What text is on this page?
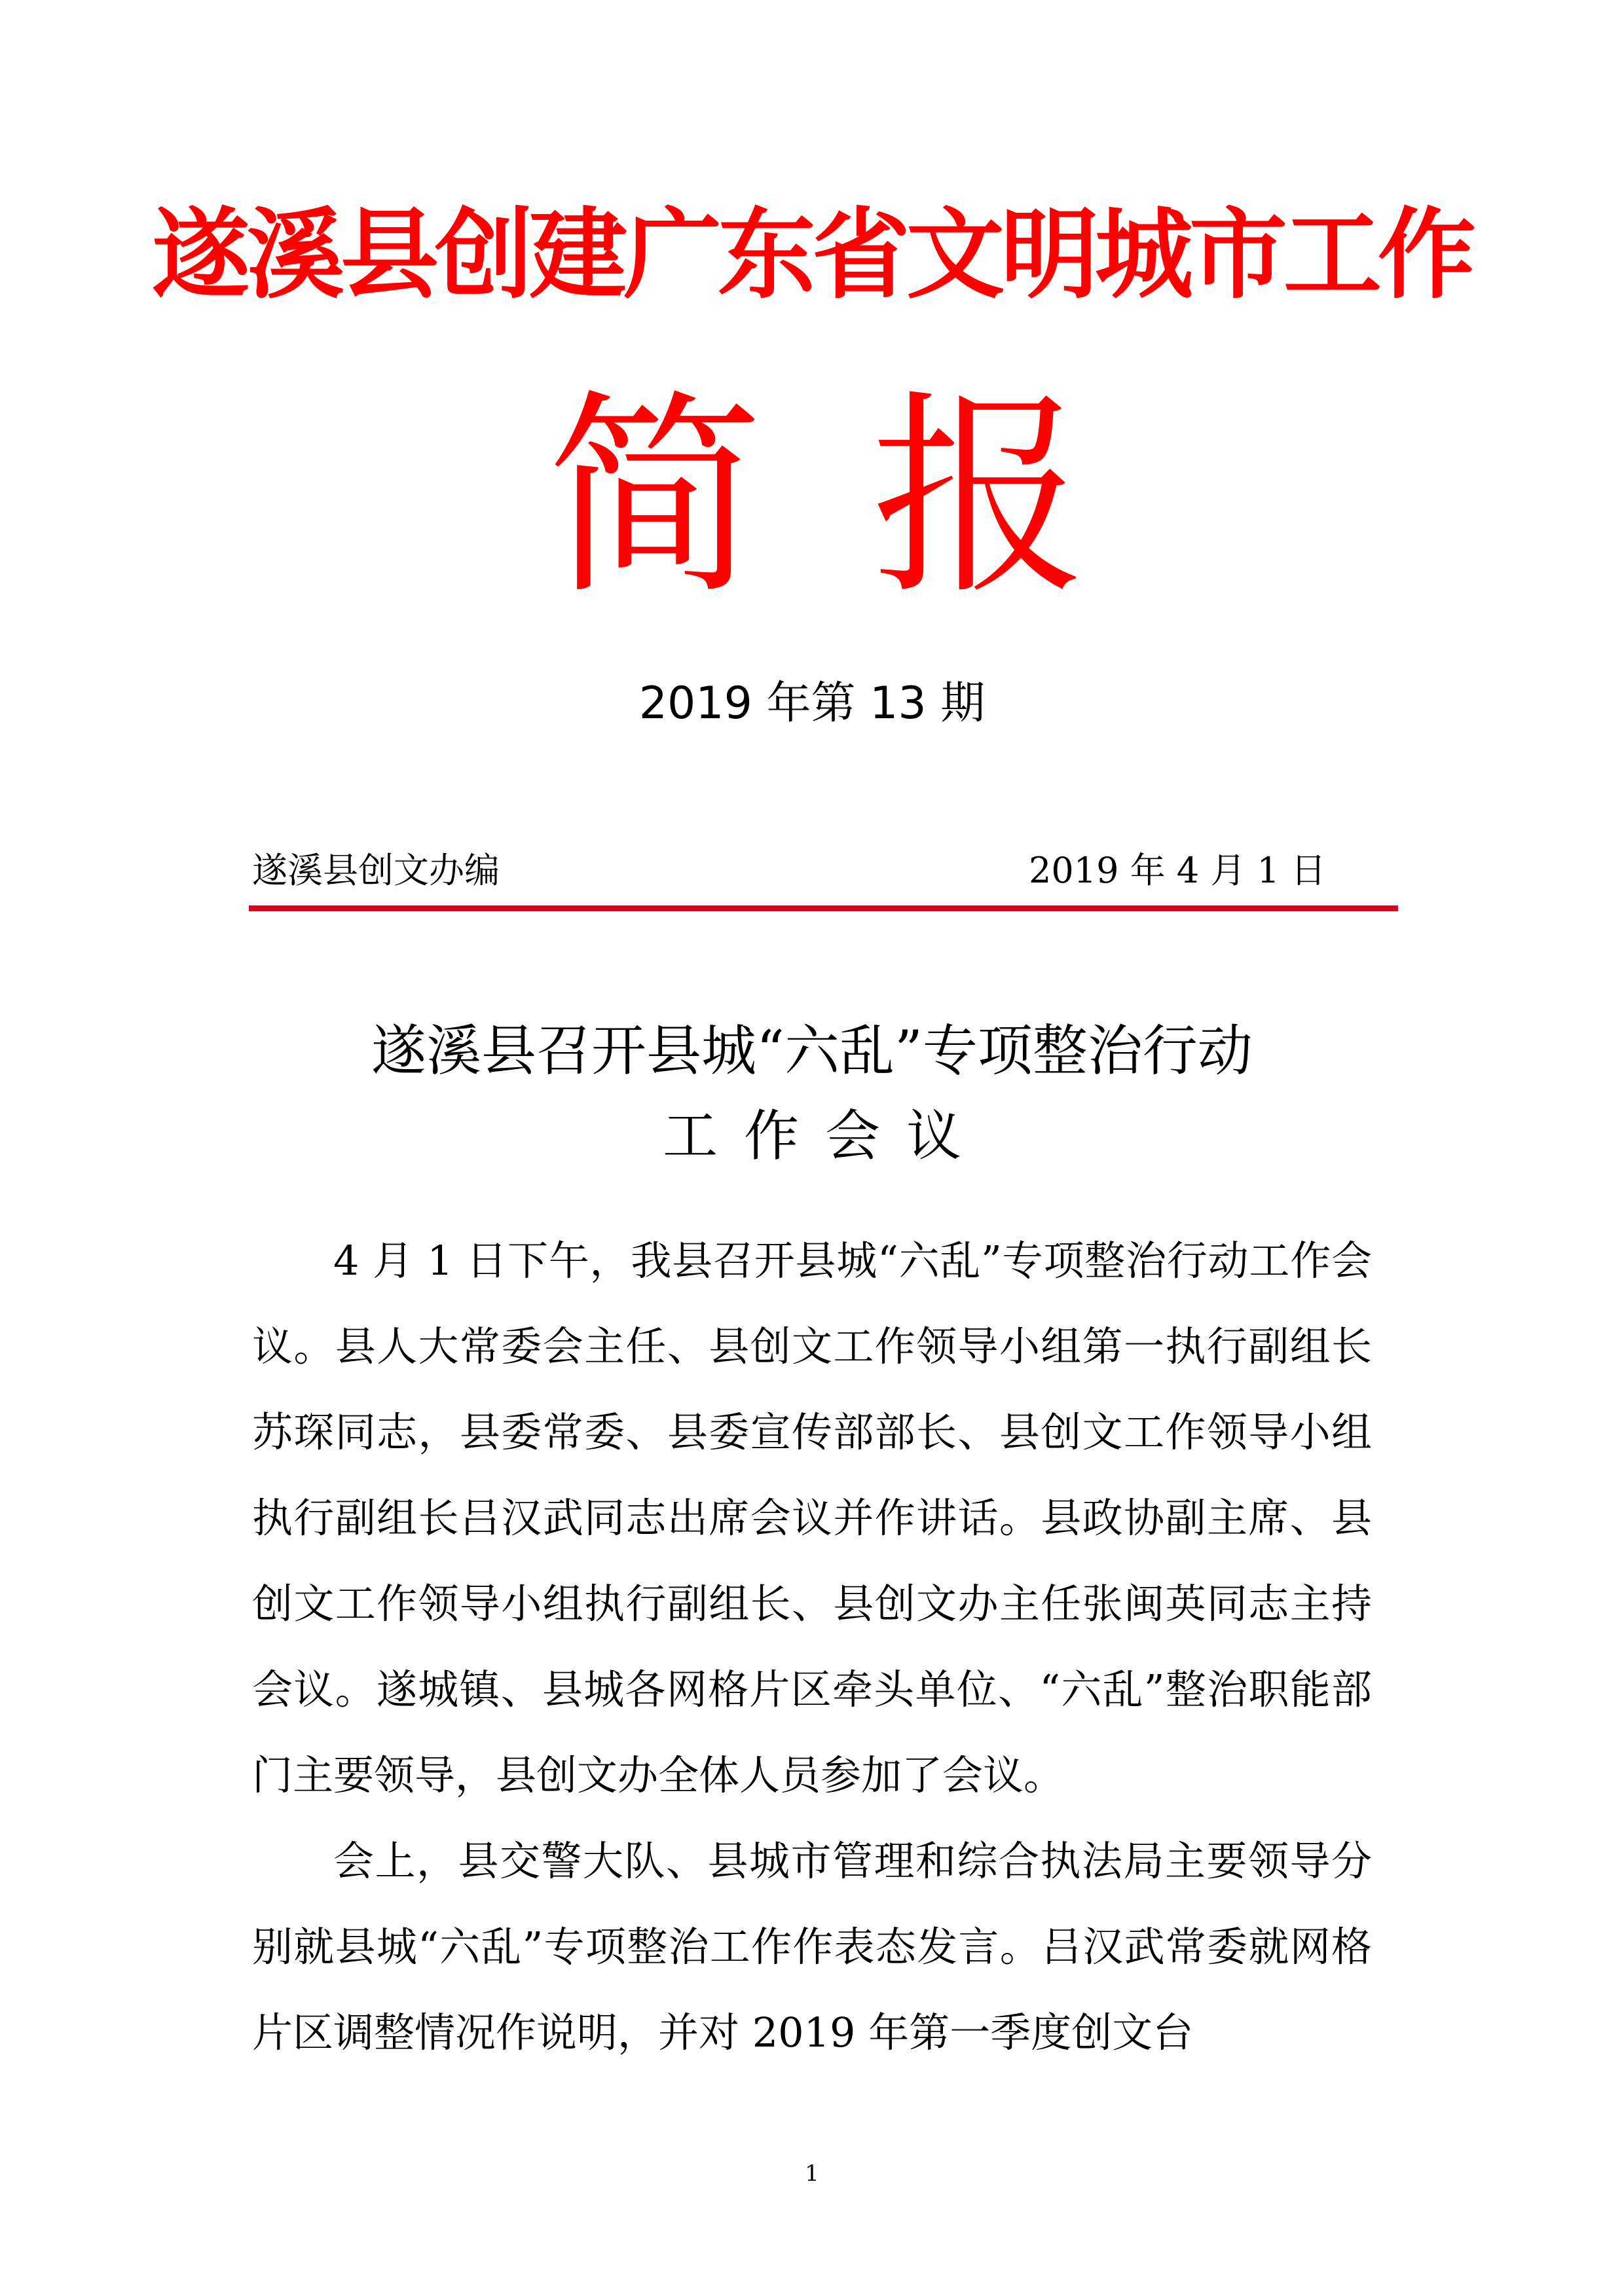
遂溪县创建广东省文明城市工作
简 报
2019 年第 13 期
遂溪县创文办编	2019 年 4 月 1 日
遂溪县召开县城“六乱”专项整治行动
工作会议

4 月 1 日下午，我县召开县城“六乱”专项整治行动工作会议。县人大常委会主任、县创文工作领导小组第一执行副组长苏琛同志，县委常委、县委宣传部部长、县创文工作领导小组执行副组长吕汉武同志出席会议并作讲话。县政协副主席、县创文工作领导小组执行副组长、县创文办主任张闽英同志主持会议。遂城镇、县城各网格片区牵头单位、“六乱”整治职能部门主要领导，县创文办全体人员参加了会议。

会上，县交警大队、县城市管理和综合执法局主要领导分别就县城“六乱”专项整治工作作表态发言。吕汉武常委就网格片区调整情况作说明，并对 2019 年第一季度创文台

1
